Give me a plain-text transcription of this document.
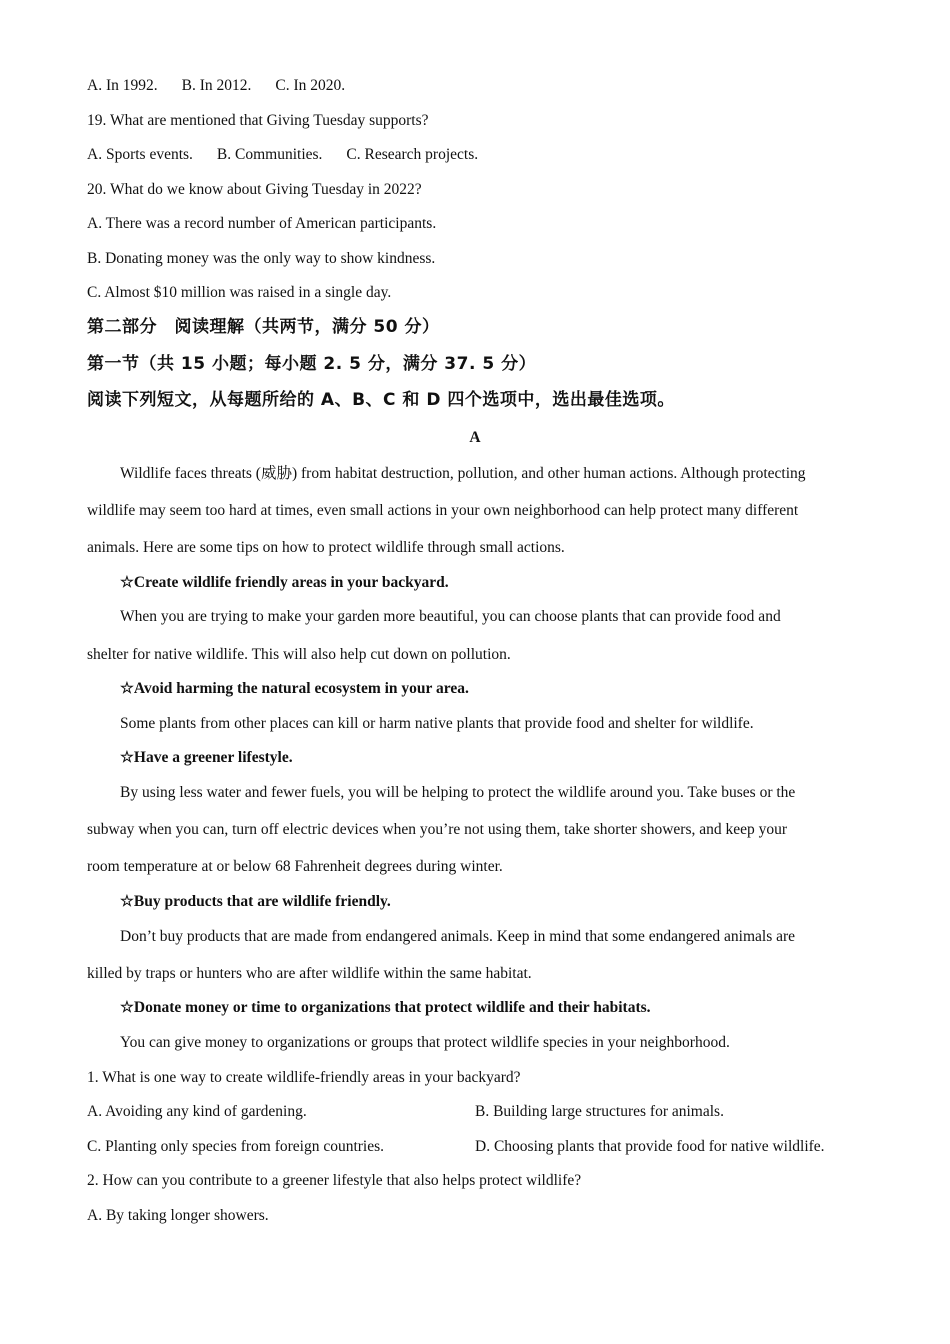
A. In 1992. B. In 2012. C. In 2020.
19. What are mentioned that Giving Tuesday supports?
A. Sports events. B. Communities. C. Research projects.
20. What do we know about Giving Tuesday in 2022?
A. There was a record number of American participants.
B. Donating money was the only way to show kindness.
C. Almost $10 million was raised in a single day.
第二部分　阅读理解（共两节，满分 50 分）
第一节（共 15 小题；每小题 2. 5 分，满分 37. 5 分）
阅读下列短文，从每题所给的 A、B、C 和 D 四个选项中，选出最佳选项。
A
Wildlife faces threats (威胁) from habitat destruction, pollution, and other human actions. Although protecting
wildlife may seem too hard at times, even small actions in your own neighborhood can help protect many different
animals. Here are some tips on how to protect wildlife through small actions.
☆Create wildlife friendly areas in your backyard.
When you are trying to make your garden more beautiful, you can choose plants that can provide food and
shelter for native wildlife. This will also help cut down on pollution.
☆Avoid harming the natural ecosystem in your area.
Some plants from other places can kill or harm native plants that provide food and shelter for wildlife.
☆Have a greener lifestyle.
By using less water and fewer fuels, you will be helping to protect the wildlife around you. Take buses or the
subway when you can, turn off electric devices when you’re not using them, take shorter showers, and keep your
room temperature at or below 68 Fahrenheit degrees during winter.
☆Buy products that are wildlife friendly.
Don’t buy products that are made from endangered animals. Keep in mind that some endangered animals are
killed by traps or hunters who are after wildlife within the same habitat.
☆Donate money or time to organizations that protect wildlife and their habitats.
You can give money to organizations or groups that protect wildlife species in your neighborhood.
1. What is one way to create wildlife-friendly areas in your backyard?
A. Avoiding any kind of gardening.	B. Building large structures for animals.
C. Planting only species from foreign countries.	D. Choosing plants that provide food for native wildlife.
2. How can you contribute to a greener lifestyle that also helps protect wildlife?
A. By taking longer showers.
